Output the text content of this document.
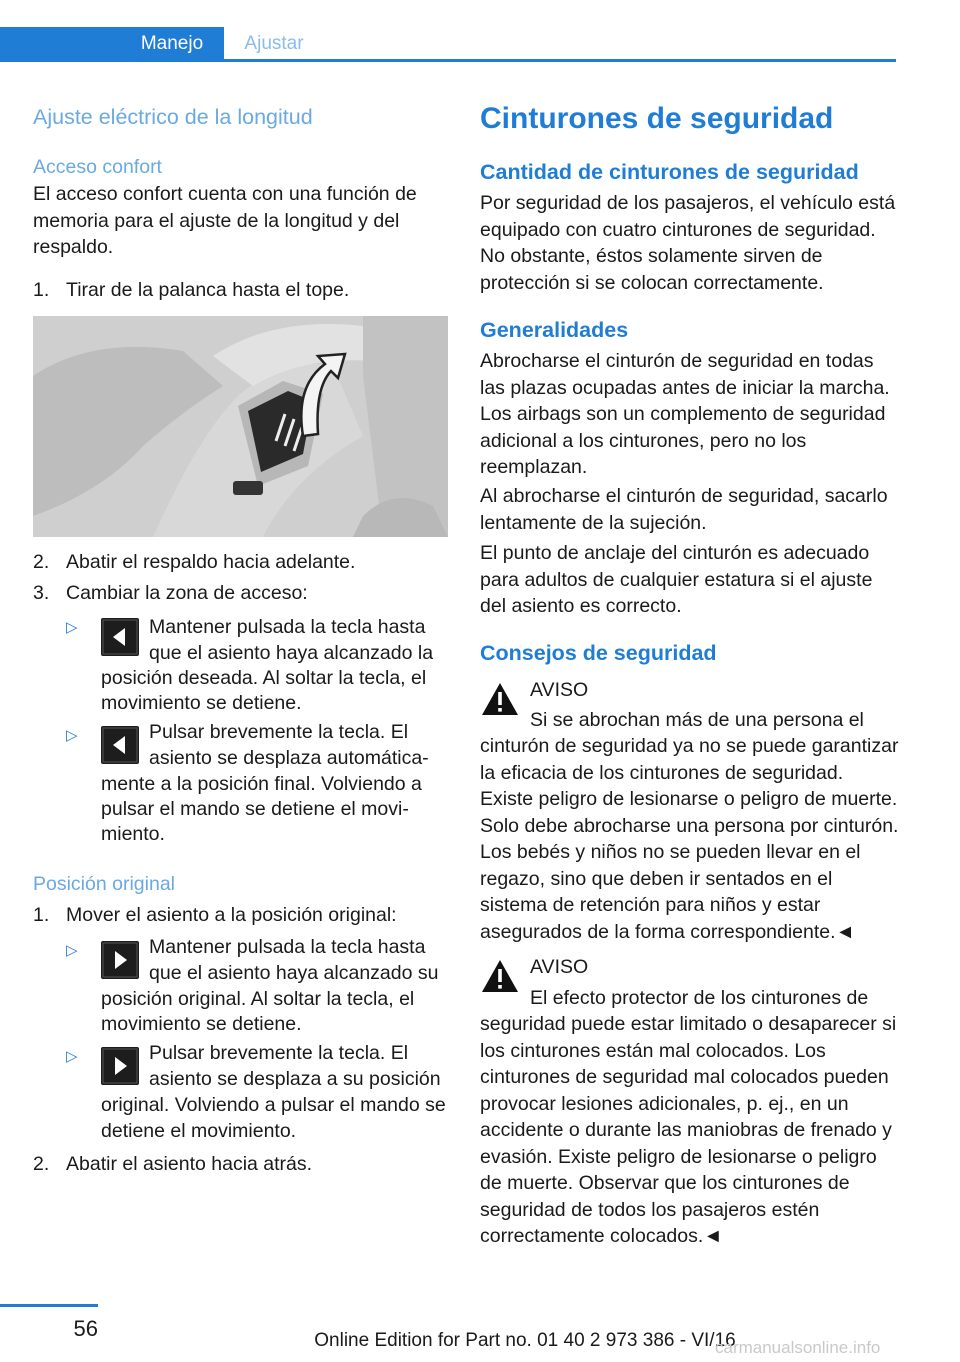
Manejo	Ajustar
Ajuste eléctrico de la longitud
Acceso confort
El acceso confort cuenta con una función de memoria para el ajuste de la longitud y del respaldo.
1. Tirar de la palanca hasta el tope.
2. Abatir el respaldo hacia adelante.
3. Cambiar la zona de acceso:
▷	Mantener pulsada la tecla hasta
que el asiento haya alcanzado la
posición deseada. Al soltar la tecla, el
movimiento se detiene.
▷	Pulsar brevemente la tecla. El
asiento se desplaza automática‐
mente a la posición final. Volviendo a
pulsar el mando se detiene el movi‐
miento.
Posición original
1. Mover el asiento a la posición original:
▷	Mantener pulsada la tecla hasta
que el asiento haya alcanzado su
posición original. Al soltar la tecla, el
movimiento se detiene.
▷	Pulsar brevemente la tecla. El
asiento se desplaza a su posición
original. Volviendo a pulsar el mando se
detiene el movimiento.
2. Abatir el asiento hacia atrás.
Cinturones de seguridad
Cantidad de cinturones de seguridad
Por seguridad de los pasajeros, el vehículo está equipado con cuatro cinturones de seguridad. No obstante, éstos solamente sirven de protección si se colocan correctamente.
Generalidades
Abrocharse el cinturón de seguridad en todas las plazas ocupadas antes de iniciar la marcha. Los airbags son un complemento de seguridad adicional a los cinturones, pero no los reemplazan.
Al abrocharse el cinturón de seguridad, sacarlo lentamente de la sujeción.
El punto de anclaje del cinturón es adecuado para adultos de cualquier estatura si el ajuste del asiento es correcto.
Consejos de seguridad
AVISO
Si se abrochan más de una persona el
cinturón de seguridad ya no se puede garantizar la eficacia de los cinturones de seguridad. Existe peligro de lesionarse o peligro de muerte. Solo debe abrocharse una persona por cinturón. Los bebés y niños no se pueden llevar en el regazo, sino que deben ir sentados en el sistema de retención para niños y estar asegurados de la forma correspondiente.◄
AVISO
El efecto protector de los cinturones de
seguridad puede estar limitado o desaparecer si los cinturones están mal colocados. Los cinturones de seguridad mal colocados pueden provocar lesiones adicionales, p. ej., en un accidente o durante las maniobras de frenado y evasión. Existe peligro de lesionarse o peligro de muerte. Observar que los cinturones de seguridad de todos los pasajeros estén correctamente colocados.◄
56	Online Edition for Part no. 01 40 2 973 386 - VI/16
carmanualsonline.info
